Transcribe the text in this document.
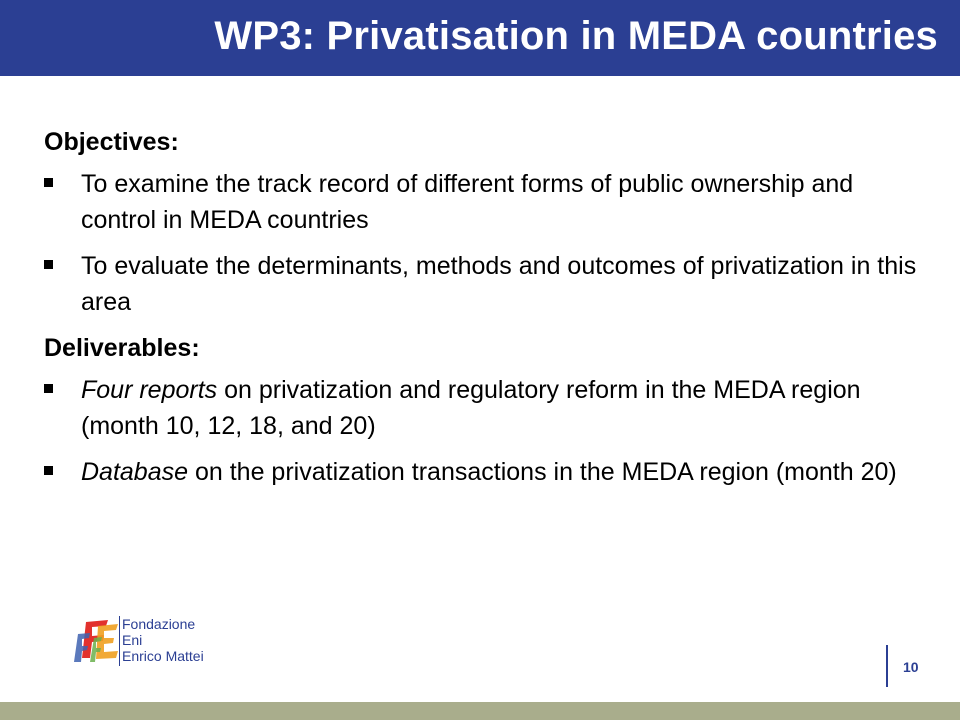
WP3: Privatisation in MEDA countries
Objectives:
To examine the track record of different forms of public ownership and control in MEDA countries
To evaluate the determinants, methods and outcomes of privatization in this area
Deliverables:
Four reports on privatization and regulatory reform in the MEDA region (month 10, 12, 18, and 20)
Database on the privatization transactions in the MEDA region (month 20)
Fondazione
Eni
Enrico Mattei
10
